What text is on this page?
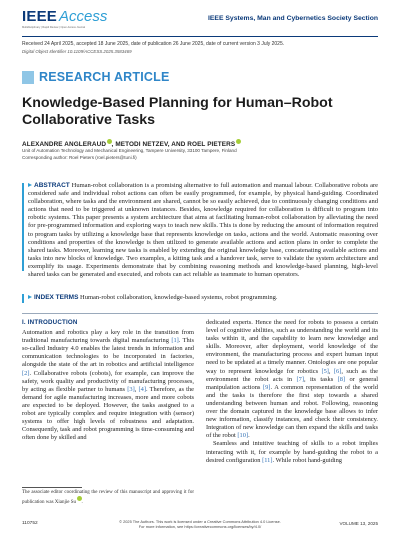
IEEE Access
Multidisciplinary | Rapid Review | Open Access Journal
IEEE Systems, Man and Cybernetics Society Section
Received 24 April 2025, accepted 18 June 2025, date of publication 26 June 2025, date of current version 3 July 2025.
Digital Object Identifier 10.1109/ACCESS.2025.3583469
RESEARCH ARTICLE
Knowledge-Based Planning for Human–Robot Collaborative Tasks
ALEXANDRE ANGLERAUD , METODI NETZEV, AND ROEL PIETERS
Unit of Automation Technology and Mechanical Engineering, Tampere University, 33100 Tampere, Finland
Corresponding author: Roel Pieters (roel.pieters@tuni.fi)

ABSTRACT Human-robot collaboration is a promising alternative to full automation and manual labour. Collaborative robots are considered safe and individual robot actions can often be easily programmed, for example, by physical hand-guiding. Coordinated collaboration, where tasks and the environment are shared, cannot be so easily achieved, due to continuously changing conditions and actions that need to be triggered at unknown instances. Besides, knowledge required for collaboration is difficult to program into robotic systems. This paper presents a system architecture that aims at facilitating human-robot collaboration by alleviating the need for pre-programmed information and exploring ways to teach new skills. This is done by reducing the amount of information required to program tasks by utilizing a knowledge base that represents knowledge on tasks, actions and the world. Automatic reasoning over conditions and properties of the knowledge is then utilized to generate available actions and action plans in order to complete the shared tasks. Moreover, learning new tasks is enabled by extending the original knowledge base, concatenating available actions and tasks into new blocks of knowledge. Two examples, a kitting task and a handover task, serve to validate the system architecture and exemplify its usage. Experiments demonstrate that by combining reasoning methods and knowledge-based planning, high-level shared tasks can be generated and executed, and robots can act reliable as teammate to human operators.

INDEX TERMS Human-robot collaboration, knowledge-based systems, robot programming.

I. INTRODUCTION

Automation and robotics play a key role in the transition from traditional manufacturing towards digital manufacturing [1]. This so-called Industry 4.0 enables the latest trends in information and communication technologies to be incorporated in factories, alongside the state of the art in robotics and artificial intelligence [2]. Collaborative robots (cobots), for example, can improve the safety, work quality and productivity of manufacturing processes, by acting as flexible partner to humans [3], [4]. Therefore, as the demand for agile manufacturing increases, more and more cobots are expected to be deployed. However, the tasks assigned to a robot are typically complex and require integration with (sensor) systems to offer high levels of robustness and adaptation. Consequently, task and robot programming is time-consuming and often done by skilled and

dedicated experts. Hence the need for robots to possess a certain level of cognitive abilities, such as understanding the world and its tasks within it, and the capability to learn new knowledge and skills. Moreover, after deployment, world knowledge of the environment, the manufacturing process and expert human input need to be updated at a timely manner. Ontologies are one popular way to represent knowledge for robotics [5], [6], such as the environment the robot acts in [7], its tasks [8] or general manipulation actions [9]. A common representation of the world and the tasks is therefore the first step towards a shared understanding between human and robot. Following, reasoning over the domain captured in the knowledge base allows to infer new information, classify instances, and check their consistency. Integration of new knowledge can then expand the skills and tasks of the robot [10].

Seamless and intuitive teaching of skills to a robot implies interacting with it, for example by hand-guiding the robot to a desired configuration [11]. While robot hand-guiding

The associate editor coordinating the review of this manuscript and approving it for publication was Xianjie Su .

110752	© 2025 The Authors. This work is licensed under a Creative Commons Attribution 4.0 License.
For more information, see https://creativecommons.org/licenses/by/4.0/
VOLUME 13, 2025
